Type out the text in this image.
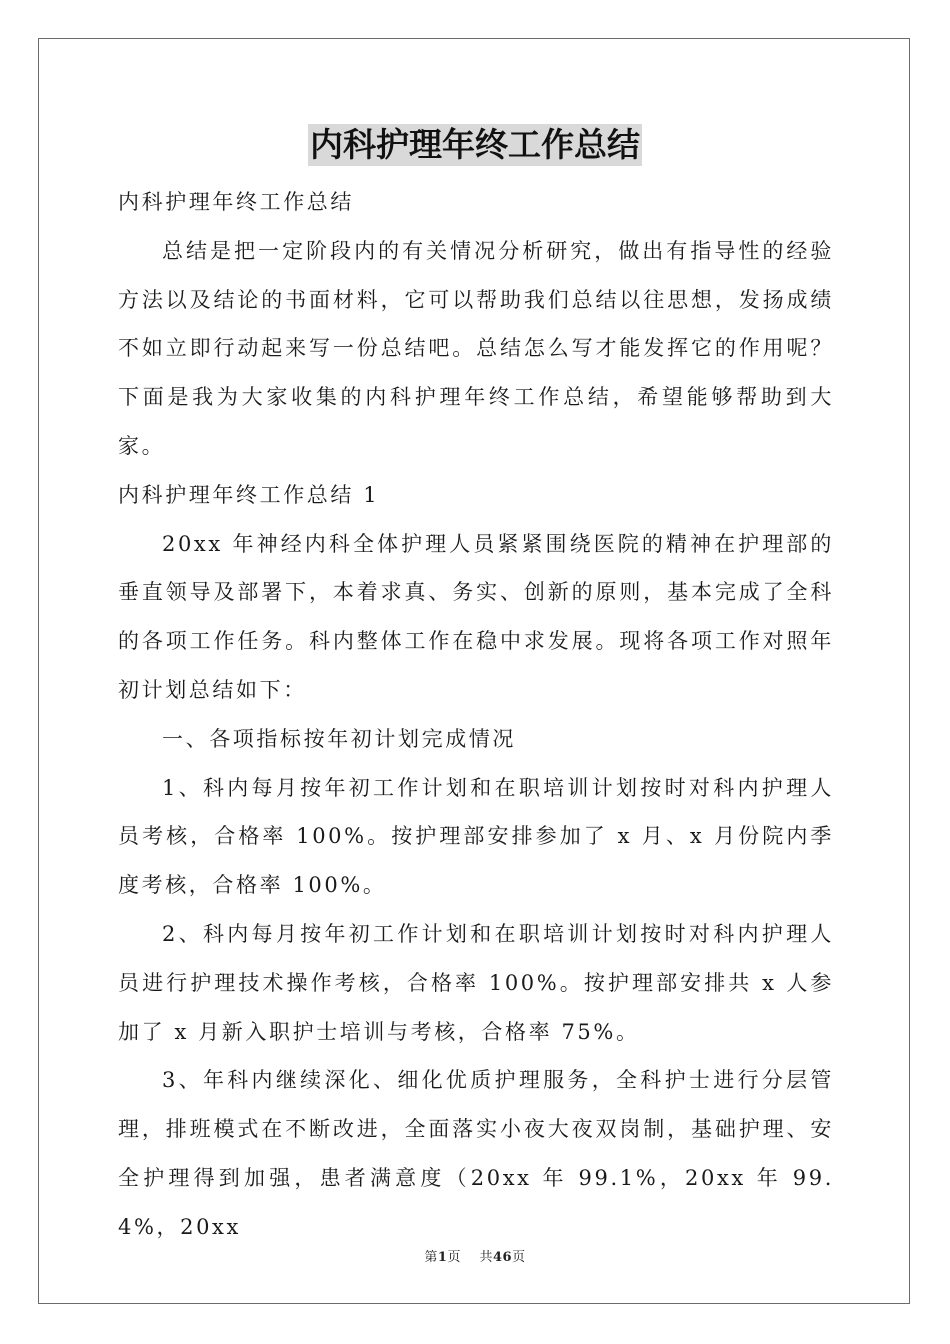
内科护理年终工作总结

内科护理年终工作总结

总结是把一定阶段内的有关情况分析研究，做出有指导性的经验方法以及结论的书面材料，它可以帮助我们总结以往思想，发扬成绩不如立即行动起来写一份总结吧。总结怎么写才能发挥它的作用呢？下面是我为大家收集的内科护理年终工作总结，希望能够帮助到大家。

内科护理年终工作总结 1

20xx 年神经内科全体护理人员紧紧围绕医院的精神在护理部的垂直领导及部署下，本着求真、务实、创新的原则，基本完成了全科的各项工作任务。科内整体工作在稳中求发展。现将各项工作对照年初计划总结如下：

一、各项指标按年初计划完成情况

1、科内每月按年初工作计划和在职培训计划按时对科内护理人员考核，合格率 100%。按护理部安排参加了 x 月、x 月份院内季度考核，合格率 100%。

2、科内每月按年初工作计划和在职培训计划按时对科内护理人员进行护理技术操作考核，合格率 100%。按护理部安排共 x 人参加了 x 月新入职护士培训与考核，合格率 75%。

3、年科内继续深化、细化优质护理服务，全科护士进行分层管理，排班模式在不断改进，全面落实小夜大夜双岗制，基础护理、安全护理得到加强，患者满意度（20xx 年 99.1%，20xx 年 99.4%，20xx

第1页 共46页
